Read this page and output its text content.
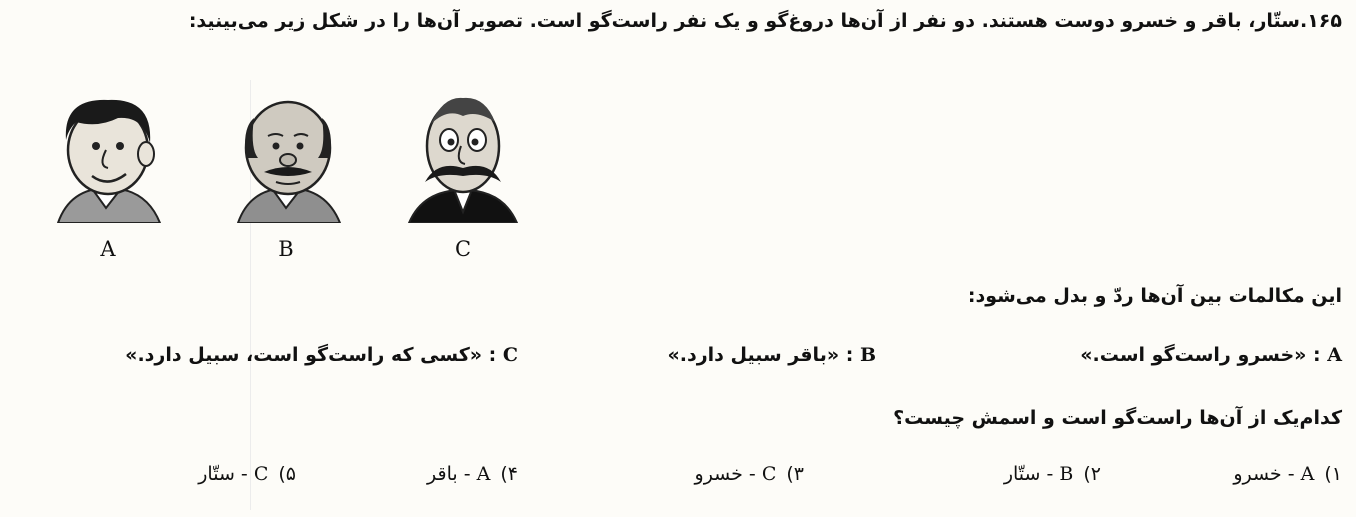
۱۶۵.ستّار، باقر و خسرو دوست هستند. دو نفر از آن‌ها دروغ‌گو و یک نفر راست‌گو است. تصویر آن‌ها را در شکل زیر می‌بینید:
A	B	C
این مکالمات بین آن‌ها ردّ و بدل می‌شود:
A : «خسرو راست‌گو است.»
B : «باقر سبیل دارد.»
C : «کسی که راست‌گو است، سبیل دارد.»
کدام‌یک از آن‌ها راست‌گو است و اسمش چیست؟
۱)A - خسرو
۲)B - ستّار
۳)C - خسرو
۴)A - باقر
۵)C - ستّار
